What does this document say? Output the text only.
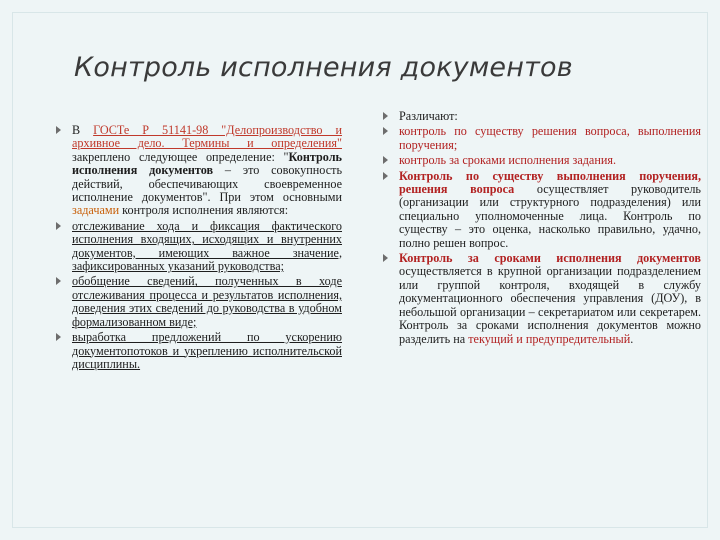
Контроль исполнения документов
В ГОСТе Р 51141-98 "Делопроизводство и архивное дело. Термины и определения" закреплено следующее определение: "Контроль исполнения документов – это совокупность действий, обеспечивающих своевременное исполнение документов". При этом основными задачами контроля исполнения являются:
отслеживание хода и фиксация фактического исполнения входящих, исходящих и внутренних документов, имеющих важное значение, зафиксированных указаний руководства;
обобщение сведений, полученных в ходе отслеживания процесса и результатов исполнения, доведения этих сведений до руководства в удобном формализованном виде;
выработка предложений по ускорению документопотоков и укреплению исполнительской дисциплины.
Различают:
контроль по существу решения вопроса, выполнения поручения;
контроль за сроками исполнения задания.
Контроль по существу выполнения поручения, решения вопроса осуществляет руководитель (организации или структурного подразделения) или специально уполномоченные лица. Контроль по существу – это оценка, насколько правильно, удачно, полно решен вопрос.
Контроль за сроками исполнения документов осуществляется в крупной организации подразделением или группой контроля, входящей в службу документационного обеспечения управления (ДОУ), в небольшой организации – секретариатом или секретарем. Контроль за сроками исполнения документов можно разделить на текущий и предупредительный.
